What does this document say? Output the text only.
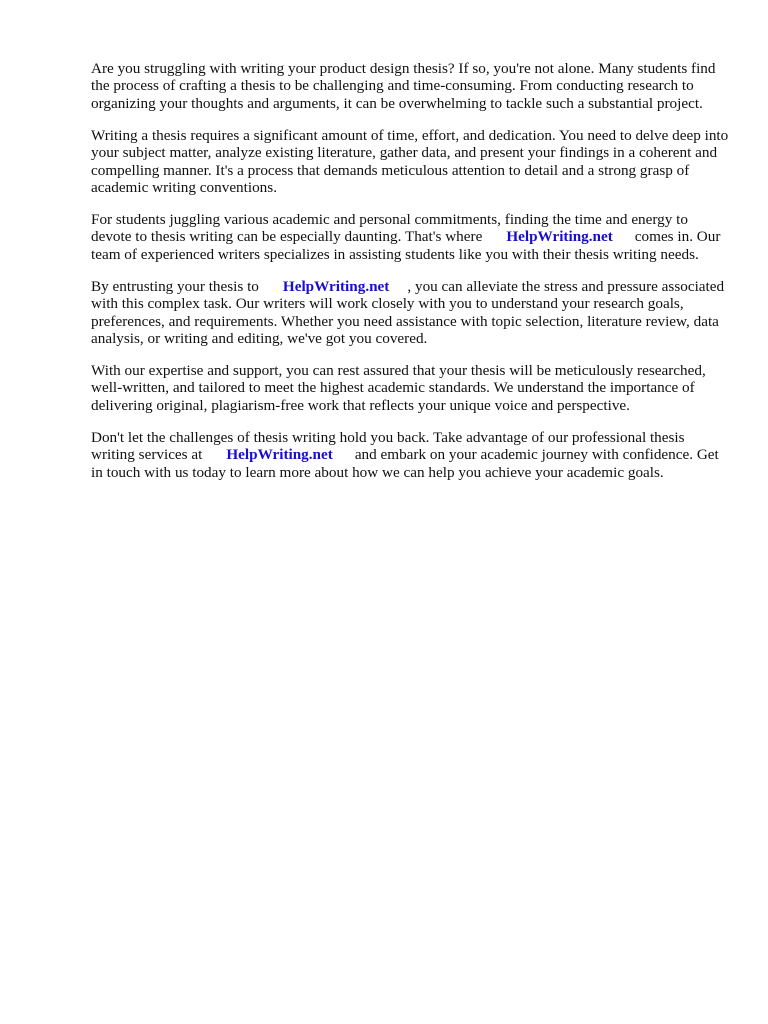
Are you struggling with writing your product design thesis? If so, you're not alone. Many students find the process of crafting a thesis to be challenging and time-consuming. From conducting research to organizing your thoughts and arguments, it can be overwhelming to tackle such a substantial project.

Writing a thesis requires a significant amount of time, effort, and dedication. You need to delve deep into your subject matter, analyze existing literature, gather data, and present your findings in a coherent and compelling manner. It's a process that demands meticulous attention to detail and a strong grasp of academic writing conventions.

For students juggling various academic and personal commitments, finding the time and energy to devote to thesis writing can be especially daunting. That's where HelpWriting.net comes in. Our team of experienced writers specializes in assisting students like you with their thesis writing needs.

By entrusting your thesis to HelpWriting.net , you can alleviate the stress and pressure associated with this complex task. Our writers will work closely with you to understand your research goals, preferences, and requirements. Whether you need assistance with topic selection, literature review, data analysis, or writing and editing, we've got you covered.

With our expertise and support, you can rest assured that your thesis will be meticulously researched, well-written, and tailored to meet the highest academic standards. We understand the importance of delivering original, plagiarism-free work that reflects your unique voice and perspective.

Don't let the challenges of thesis writing hold you back. Take advantage of our professional thesis writing services at HelpWriting.net and embark on your academic journey with confidence. Get in touch with us today to learn more about how we can help you achieve your academic goals.
